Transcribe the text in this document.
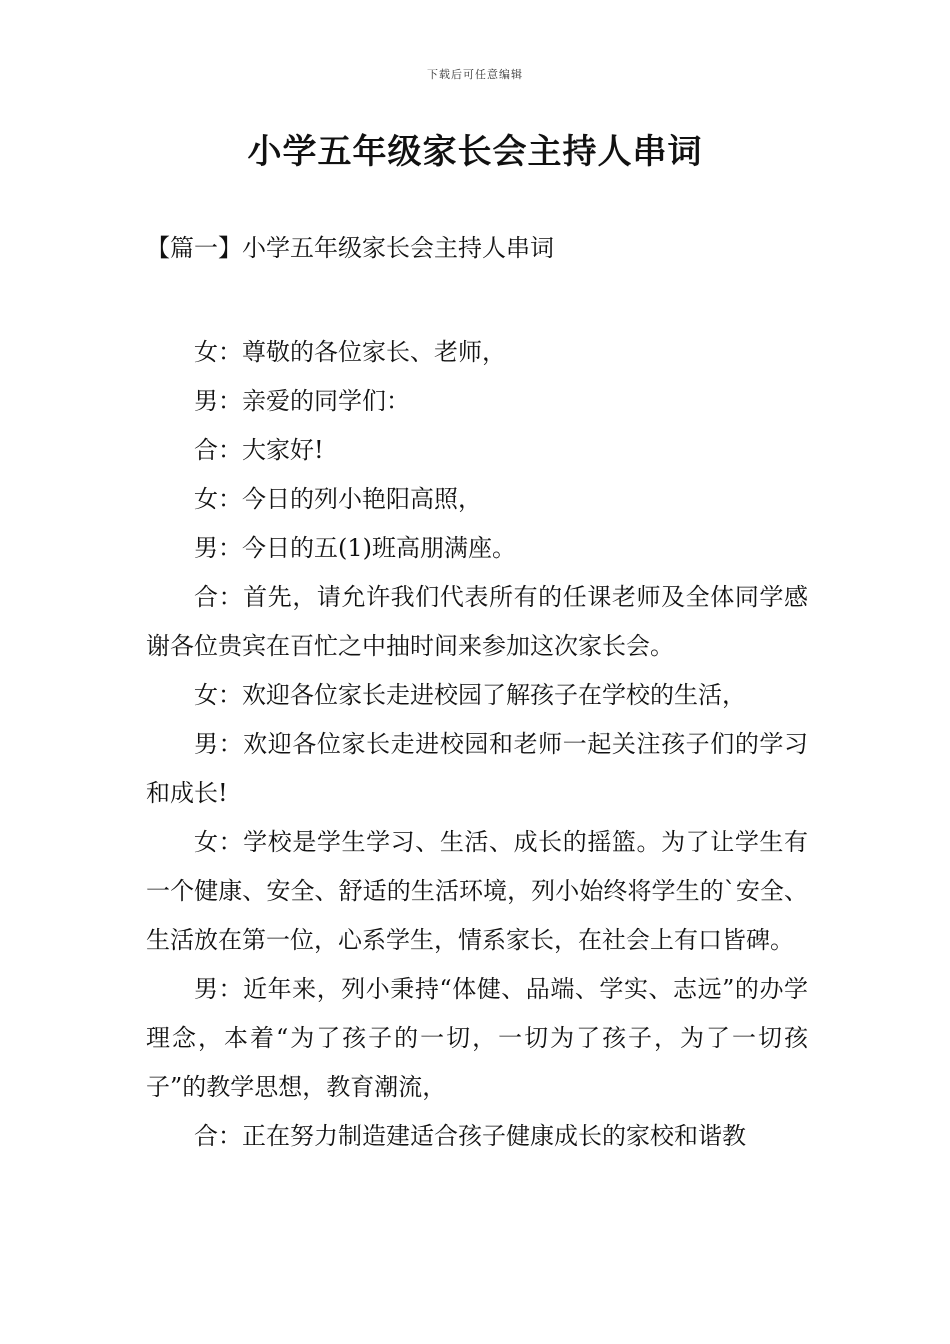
下载后可任意编辑
小学五年级家长会主持人串词
【篇一】小学五年级家长会主持人串词

女：尊敬的各位家长、老师，

男：亲爱的同学们：

合：大家好!

女：今日的列小艳阳高照，

男：今日的五(1)班高朋满座。

合：首先，请允许我们代表所有的任课老师及全体同学感谢各位贵宾在百忙之中抽时间来参加这次家长会。

女：欢迎各位家长走进校园了解孩子在学校的生活，

男：欢迎各位家长走进校园和老师一起关注孩子们的学习和成长!

女：学校是学生学习、生活、成长的摇篮。为了让学生有一个健康、安全、舒适的生活环境，列小始终将学生的`安全、生活放在第一位，心系学生，情系家长，在社会上有口皆碑。

男：近年来，列小秉持“体健、品端、学实、志远”的办学理念，本着“为了孩子的一切，一切为了孩子，为了一切孩子”的教学思想，教育潮流，

合：正在努力制造建适合孩子健康成长的家校和谐教
